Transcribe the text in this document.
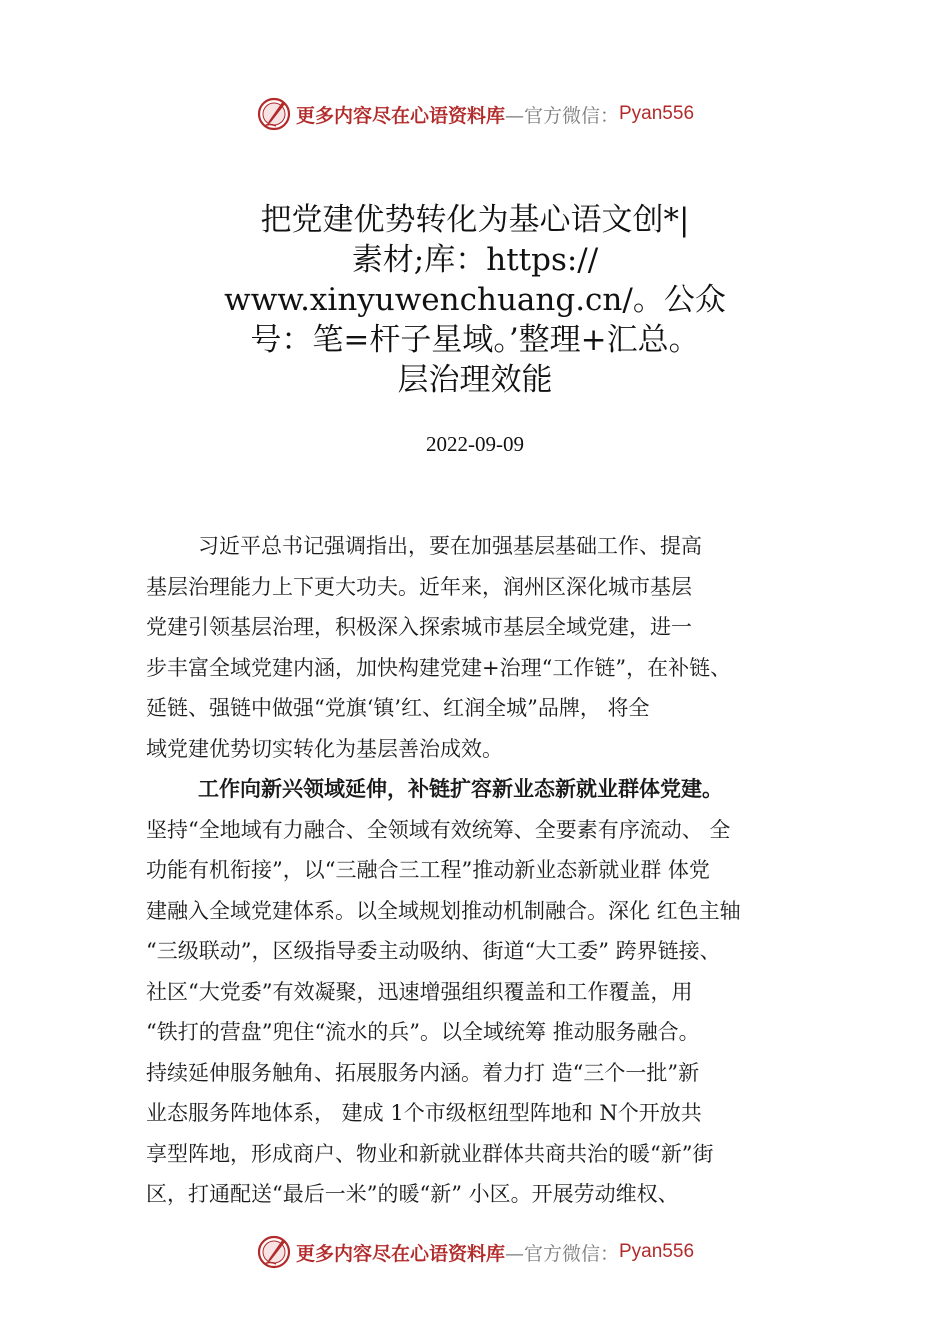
更多内容尽在心语资料库 —官方微信： Pyan556
把党建优势转化为基心语文创*|
素材;库：https://
www.xinyuwenchuang.cn/。公众
号：笔=杆子星域。’整理+汇总。
层治理效能
2022-09-09
习近平总书记强调指出，要在加强基层基础工作、提高
基层治理能力上下更大功夫。近年来，润州区深化城市基层
党建引领基层治理，积极深入探索城市基层全域党建，进一
步丰富全域党建内涵，加快构建党建+治理“工作链”，在补链、
延链、强链中做强“党旗‘镇’红、红润全城”品牌， 将全
域党建优势切实转化为基层善治成效。
工作向新兴领域延伸，补链扩容新业态新就业群体党建。
坚持“全地域有力融合、全领域有效统筹、全要素有序流动、 全
功能有机衔接”，以“三融合三工程”推动新业态新就业群 体党
建融入全域党建体系。以全域规划推动机制融合。深化 红色主轴
“三级联动”，区级指导委主动吸纳、街道“大工委” 跨界链接、
社区“大党委”有效凝聚，迅速增强组织覆盖和工作覆盖，用
“铁打的营盘”兜住“流水的兵”。以全域统筹 推动服务融合。
持续延伸服务触角、拓展服务内涵。着力打 造“三个一批”新
业态服务阵地体系， 建成 1个市级枢纽型阵地和 N个开放共
享型阵地，形成商户、物业和新就业群体共商共治的暖“新”街
区，打通配送“最后一米”的暖“新” 小区。开展劳动维权、
更多内容尽在心语资料库 —官方微信： Pyan556
